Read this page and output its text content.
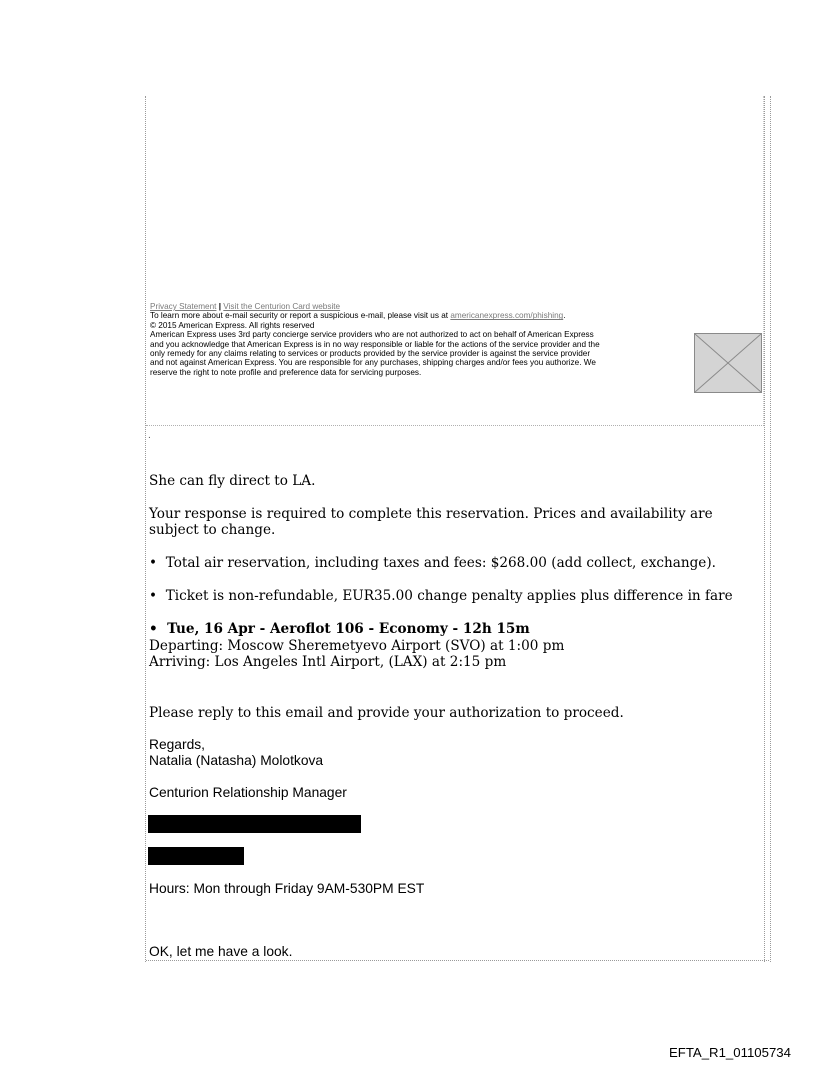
Privacy Statement | Visit the Centurion Card website
To learn more about e-mail security or report a suspicious e-mail, please visit us at americanexpress.com/phishing.
© 2015 American Express. All rights reserved
American Express uses 3rd party concierge service providers who are not authorized to act on behalf of American Express
and you acknowledge that American Express is in no way responsible or liable for the actions of the service provider and the
only remedy for any claims relating to services or products provided by the service provider is against the service provider
and not against American Express. You are responsible for any purchases, shipping charges and/or fees you authorize. We
reserve the right to note profile and preference data for servicing purposes.
.

She can fly direct to LA.

Your response is required to complete this reservation. Prices and availability are subject to change.

• Total air reservation, including taxes and fees: $268.00 (add collect, exchange).

• Ticket is non-refundable, EUR35.00 change penalty applies plus difference in fare

• Tue, 16 Apr - Aeroflot 106 - Economy - 12h 15m

Departing: Moscow Sheremetyevo Airport (SVO) at 1:00 pm

Arriving: Los Angeles Intl Airport, (LAX) at 2:15 pm

Please reply to this email and provide your authorization to proceed.

Regards,

Natalia (Natasha) Molotkova

Centurion Relationship Manager

Hours: Mon through Friday 9AM-530PM EST

OK, let me have a look.

EFTA_R1_01105734
